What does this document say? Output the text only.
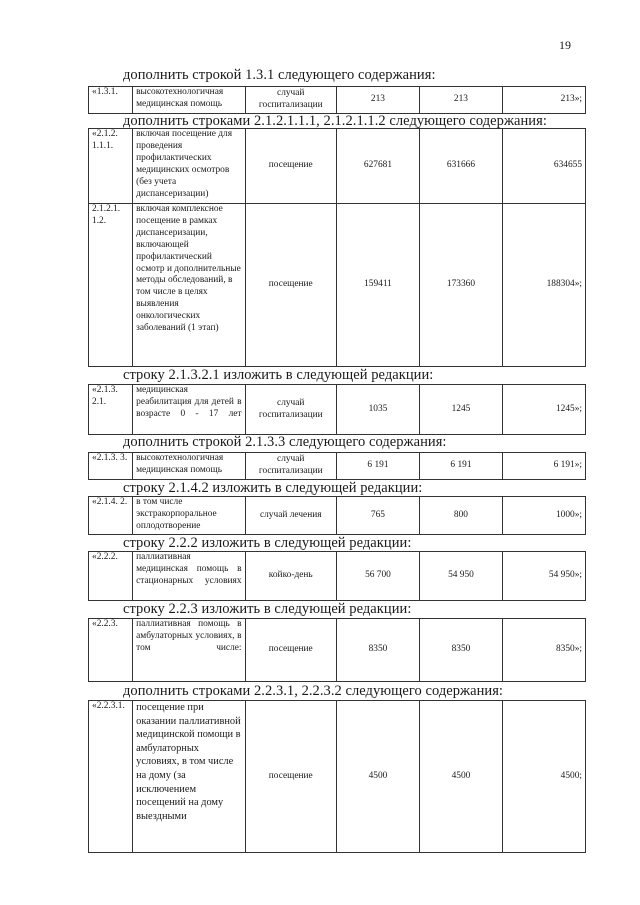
19
дополнить строкой 1.3.1 следующего содержания:
«1.3.1.	высокотехнологичная медицинская помощь	случай госпитализации	213	213	213»;
дополнить строками 2.1.2.1.1.1, 2.1.2.1.1.2 следующего содержания:
«2.1.2. 1.1.1.	включая посещение для проведения профилактических медицинских осмотров (без учета диспансеризации)	посещение	627681	631666	634655
2.1.2.1. 1.2.	включая комплексное посещение в рамках диспансеризации, включающей профилактический осмотр и дополнительные методы обследований, в том числе в целях выявления онкологических заболеваний (1 этап)	посещение	159411	173360	188304»;
строку 2.1.3.2.1 изложить в следующей редакции:
«2.1.3. 2.1.	медицинская реабилитация для детей в возрасте 0 - 17 лет	случай госпитализации	1035	1245	1245»;
дополнить строкой 2.1.3.3 следующего содержания:
«2.1.3. 3.	высокотехнологичная медицинская помощь	случай госпитализации	6 191	6 191	6 191»;
строку 2.1.4.2 изложить в следующей редакции:
«2.1.4. 2.	в том числе экстракорпоральное оплодотворение	случай лечения	765	800	1000»;
строку 2.2.2 изложить в следующей редакции:
«2.2.2.	паллиативная медицинская помощь в стационарных условиях	койко-день	56 700	54 950	54 950»;
строку 2.2.3 изложить в следующей редакции:
«2.2.3.	паллиативная помощь в амбулаторных условиях, в том числе:	посещение	8350	8350	8350»;
дополнить строками 2.2.3.1, 2.2.3.2 следующего содержания:
«2.2.3.1.	посещение при оказании паллиативной медицинской помощи в амбулаторных условиях, в том числе на дому (за исключением посещений на дому выездными	посещение	4500	4500	4500;
